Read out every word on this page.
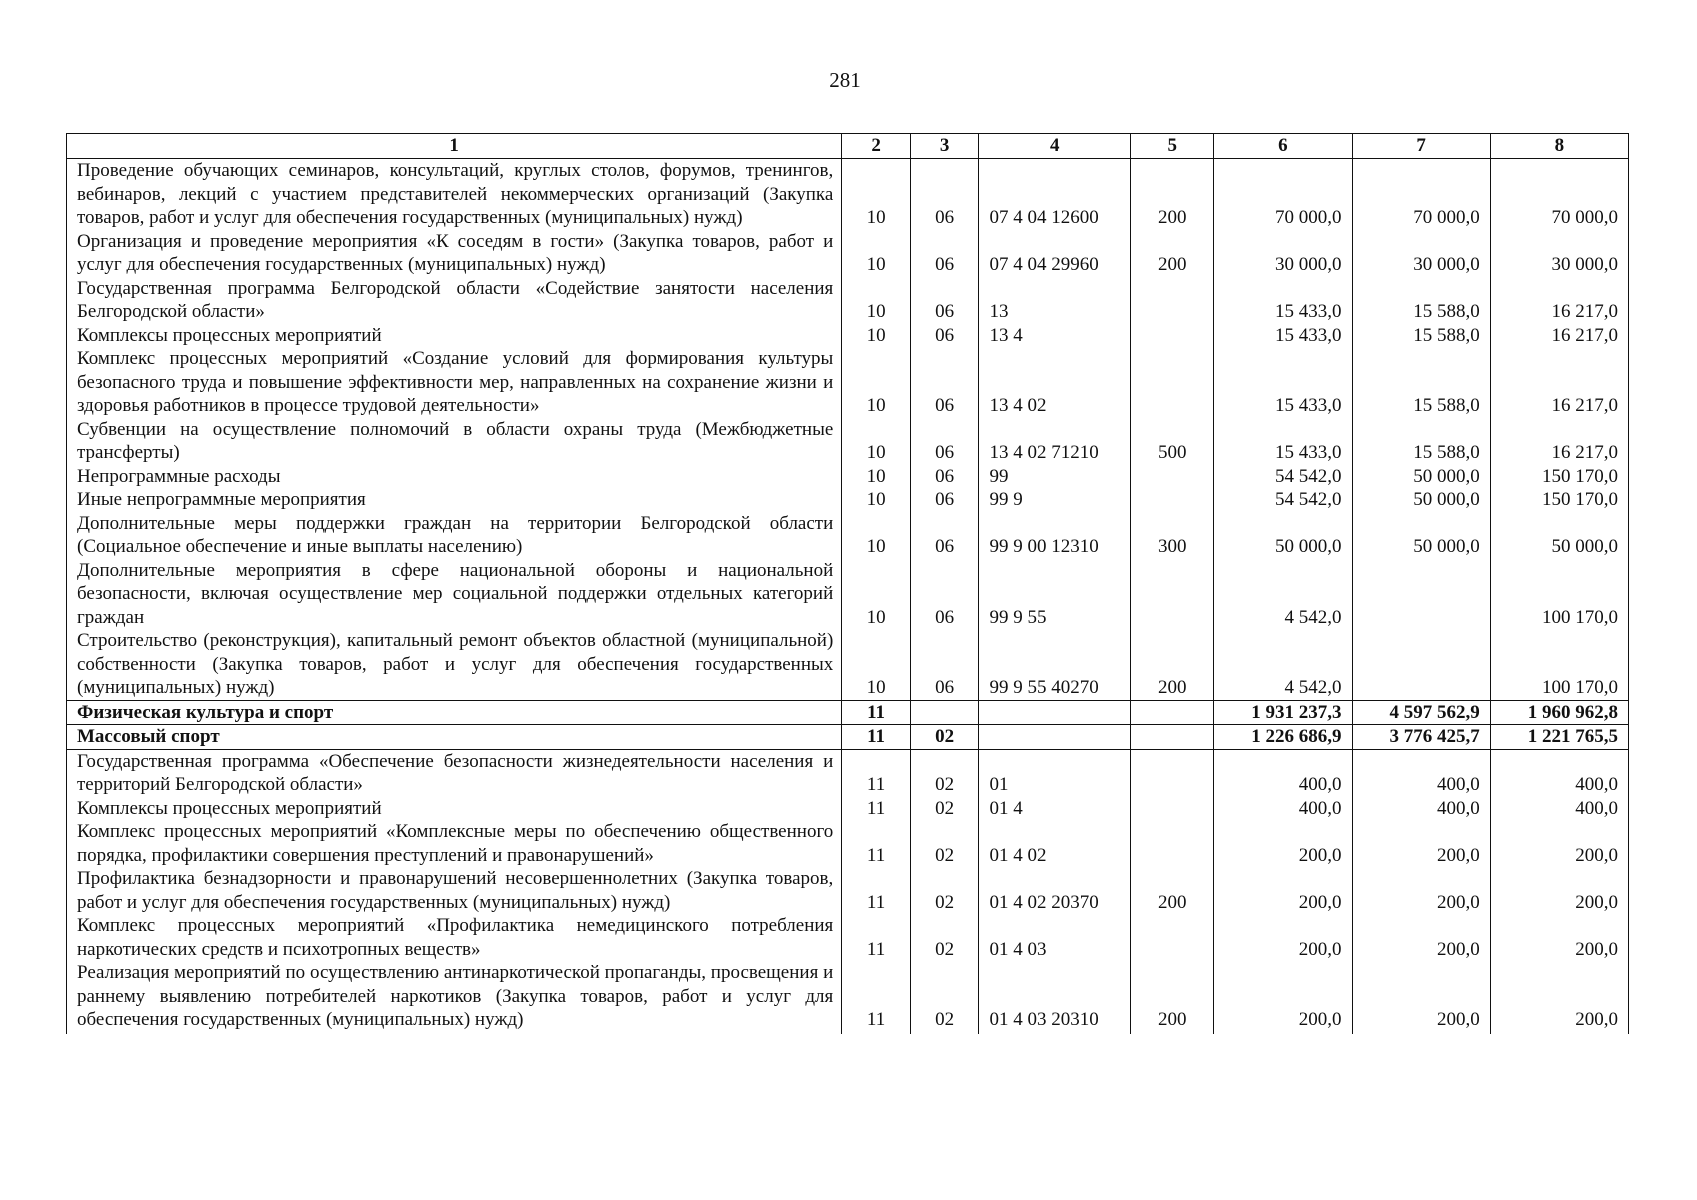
281
1	2	3	4	5	6	7	8
Проведение обучающих семинаров, консультаций, круглых столов, форумов, тренингов, вебинаров, лекций с участием представителей некоммерческих организаций (Закупка товаров, работ и услуг для обеспечения государственных (муниципальных) нужд)	10	06	07 4 04 12600	200	70 000,0	70 000,0	70 000,0
Организация и проведение мероприятия «К соседям в гости» (Закупка товаров, работ и услуг для обеспечения государственных (муниципальных) нужд)	10	06	07 4 04 29960	200	30 000,0	30 000,0	30 000,0
Государственная программа Белгородской области «Содействие занятости населения Белгородской области»	10	06	13		15 433,0	15 588,0	16 217,0
Комплексы процессных мероприятий	10	06	13 4		15 433,0	15 588,0	16 217,0
Комплекс процессных мероприятий «Создание условий для формирования культуры безопасного труда и повышение эффективности мер, направленных на сохранение жизни и здоровья работников в процессе трудовой деятельности»	10	06	13 4 02		15 433,0	15 588,0	16 217,0
Субвенции на осуществление полномочий в области охраны труда (Межбюджетные трансферты)	10	06	13 4 02 71210	500	15 433,0	15 588,0	16 217,0
Непрограммные расходы	10	06	99		54 542,0	50 000,0	150 170,0
Иные непрограммные мероприятия	10	06	99 9		54 542,0	50 000,0	150 170,0
Дополнительные меры поддержки граждан на территории Белгородской области (Социальное обеспечение и иные выплаты населению)	10	06	99 9 00 12310	300	50 000,0	50 000,0	50 000,0
Дополнительные мероприятия в сфере национальной обороны и национальной безопасности, включая осуществление мер социальной поддержки отдельных категорий граждан	10	06	99 9 55		4 542,0		100 170,0
Строительство (реконструкция), капитальный ремонт объектов областной (муниципальной) собственности (Закупка товаров, работ и услуг для обеспечения государственных (муниципальных) нужд)	10	06	99 9 55 40270	200	4 542,0		100 170,0
Физическая культура и спорт	11				1 931 237,3	4 597 562,9	1 960 962,8
Массовый спорт	11	02			1 226 686,9	3 776 425,7	1 221 765,5
Государственная программа «Обеспечение безопасности жизнедеятельности населения и территорий Белгородской области»	11	02	01		400,0	400,0	400,0
Комплексы процессных мероприятий	11	02	01 4		400,0	400,0	400,0
Комплекс процессных мероприятий «Комплексные меры по обеспечению общественного порядка, профилактики совершения преступлений и правонарушений»	11	02	01 4 02		200,0	200,0	200,0
Профилактика безнадзорности и правонарушений несовершеннолетних (Закупка товаров, работ и услуг для обеспечения государственных (муниципальных) нужд)	11	02	01 4 02 20370	200	200,0	200,0	200,0
Комплекс процессных мероприятий «Профилактика немедицинского потребления наркотических средств и психотропных веществ»	11	02	01 4 03		200,0	200,0	200,0
Реализация мероприятий по осуществлению антинаркотической пропаганды, просвещения и раннему выявлению потребителей наркотиков (Закупка товаров, работ и услуг для обеспечения государственных (муниципальных) нужд)	11	02	01 4 03 20310	200	200,0	200,0	200,0
